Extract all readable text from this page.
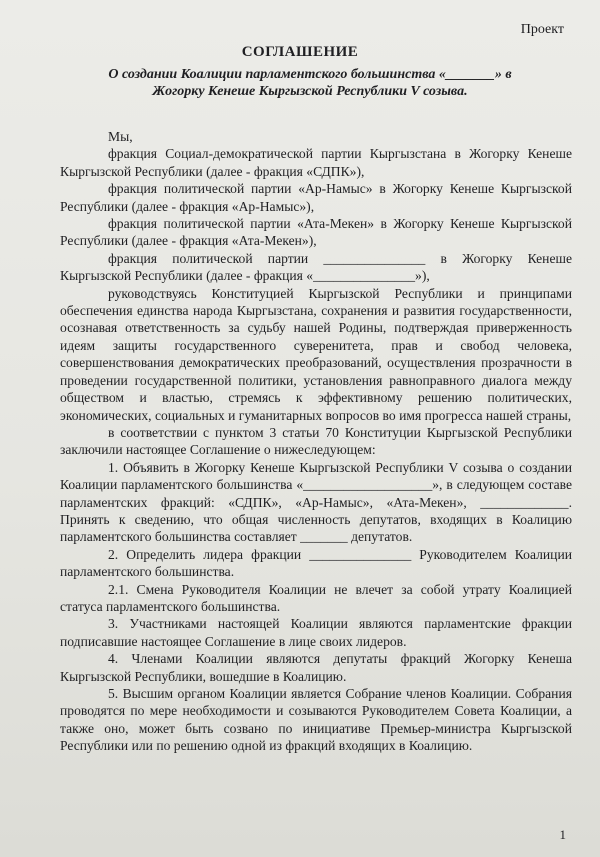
Проект
СОГЛАШЕНИЕ
О создании Коалиции парламентского большинства «_______» в
Жогорку Кенеше Кыргызской Республики V созыва.

Мы,

фракция Социал-демократической партии Кыргызстана в Жогорку Кенеше Кыргызской Республики (далее - фракция «СДПК»),

фракция политической партии «Ар-Намыс» в Жогорку Кенеше Кыргызской Республики (далее - фракция «Ар-Намыс»),

фракция политической партии «Ата-Мекен» в Жогорку Кенеше Кыргызской Республики (далее - фракция «Ата-Мекен»),

фракция политической партии _______________ в Жогорку Кенеше Кыргызской Республики (далее - фракция «_______________»),

руководствуясь Конституцией Кыргызской Республики и принципами обеспечения единства народа Кыргызстана, сохранения и развития государственности, осознавая ответственность за судьбу нашей Родины, подтверждая приверженность идеям защиты государственного суверенитета, прав и свобод человека, совершенствования демократических преобразований, осуществления прозрачности в проведении государственной политики, установления равноправного диалога между обществом и властью, стремясь к эффективному решению политических, экономических, социальных и гуманитарных вопросов во имя прогресса нашей страны,

в соответствии с пунктом 3 статьи 70 Конституции Кыргызской Республики заключили настоящее Соглашение о нижеследующем:

1. Объявить в Жогорку Кенеше Кыргызской Республики V созыва о создании Коалиции парламентского большинства «___________________», в следующем составе парламентских фракций: «СДПК», «Ар-Намыс», «Ата-Мекен», _____________. Принять к сведению, что общая численность депутатов, входящих в Коалицию парламентского большинства составляет _______ депутатов.

2. Определить лидера фракции _______________ Руководителем Коалиции парламентского большинства.

2.1. Смена Руководителя Коалиции не влечет за собой утрату Коалицией статуса парламентского большинства.

3. Участниками настоящей Коалиции являются парламентские фракции подписавшие настоящее Соглашение в лице своих лидеров.

4. Членами Коалиции являются депутаты фракций Жогорку Кенеша Кыргызской Республики, вошедшие в Коалицию.

5. Высшим органом Коалиции является Собрание членов Коалиции. Собрания проводятся по мере необходимости и созываются Руководителем Совета Коалиции, а также оно, может быть созвано по инициативе Премьер-министра Кыргызской Республики или по решению одной из фракций входящих в Коалицию.

1
